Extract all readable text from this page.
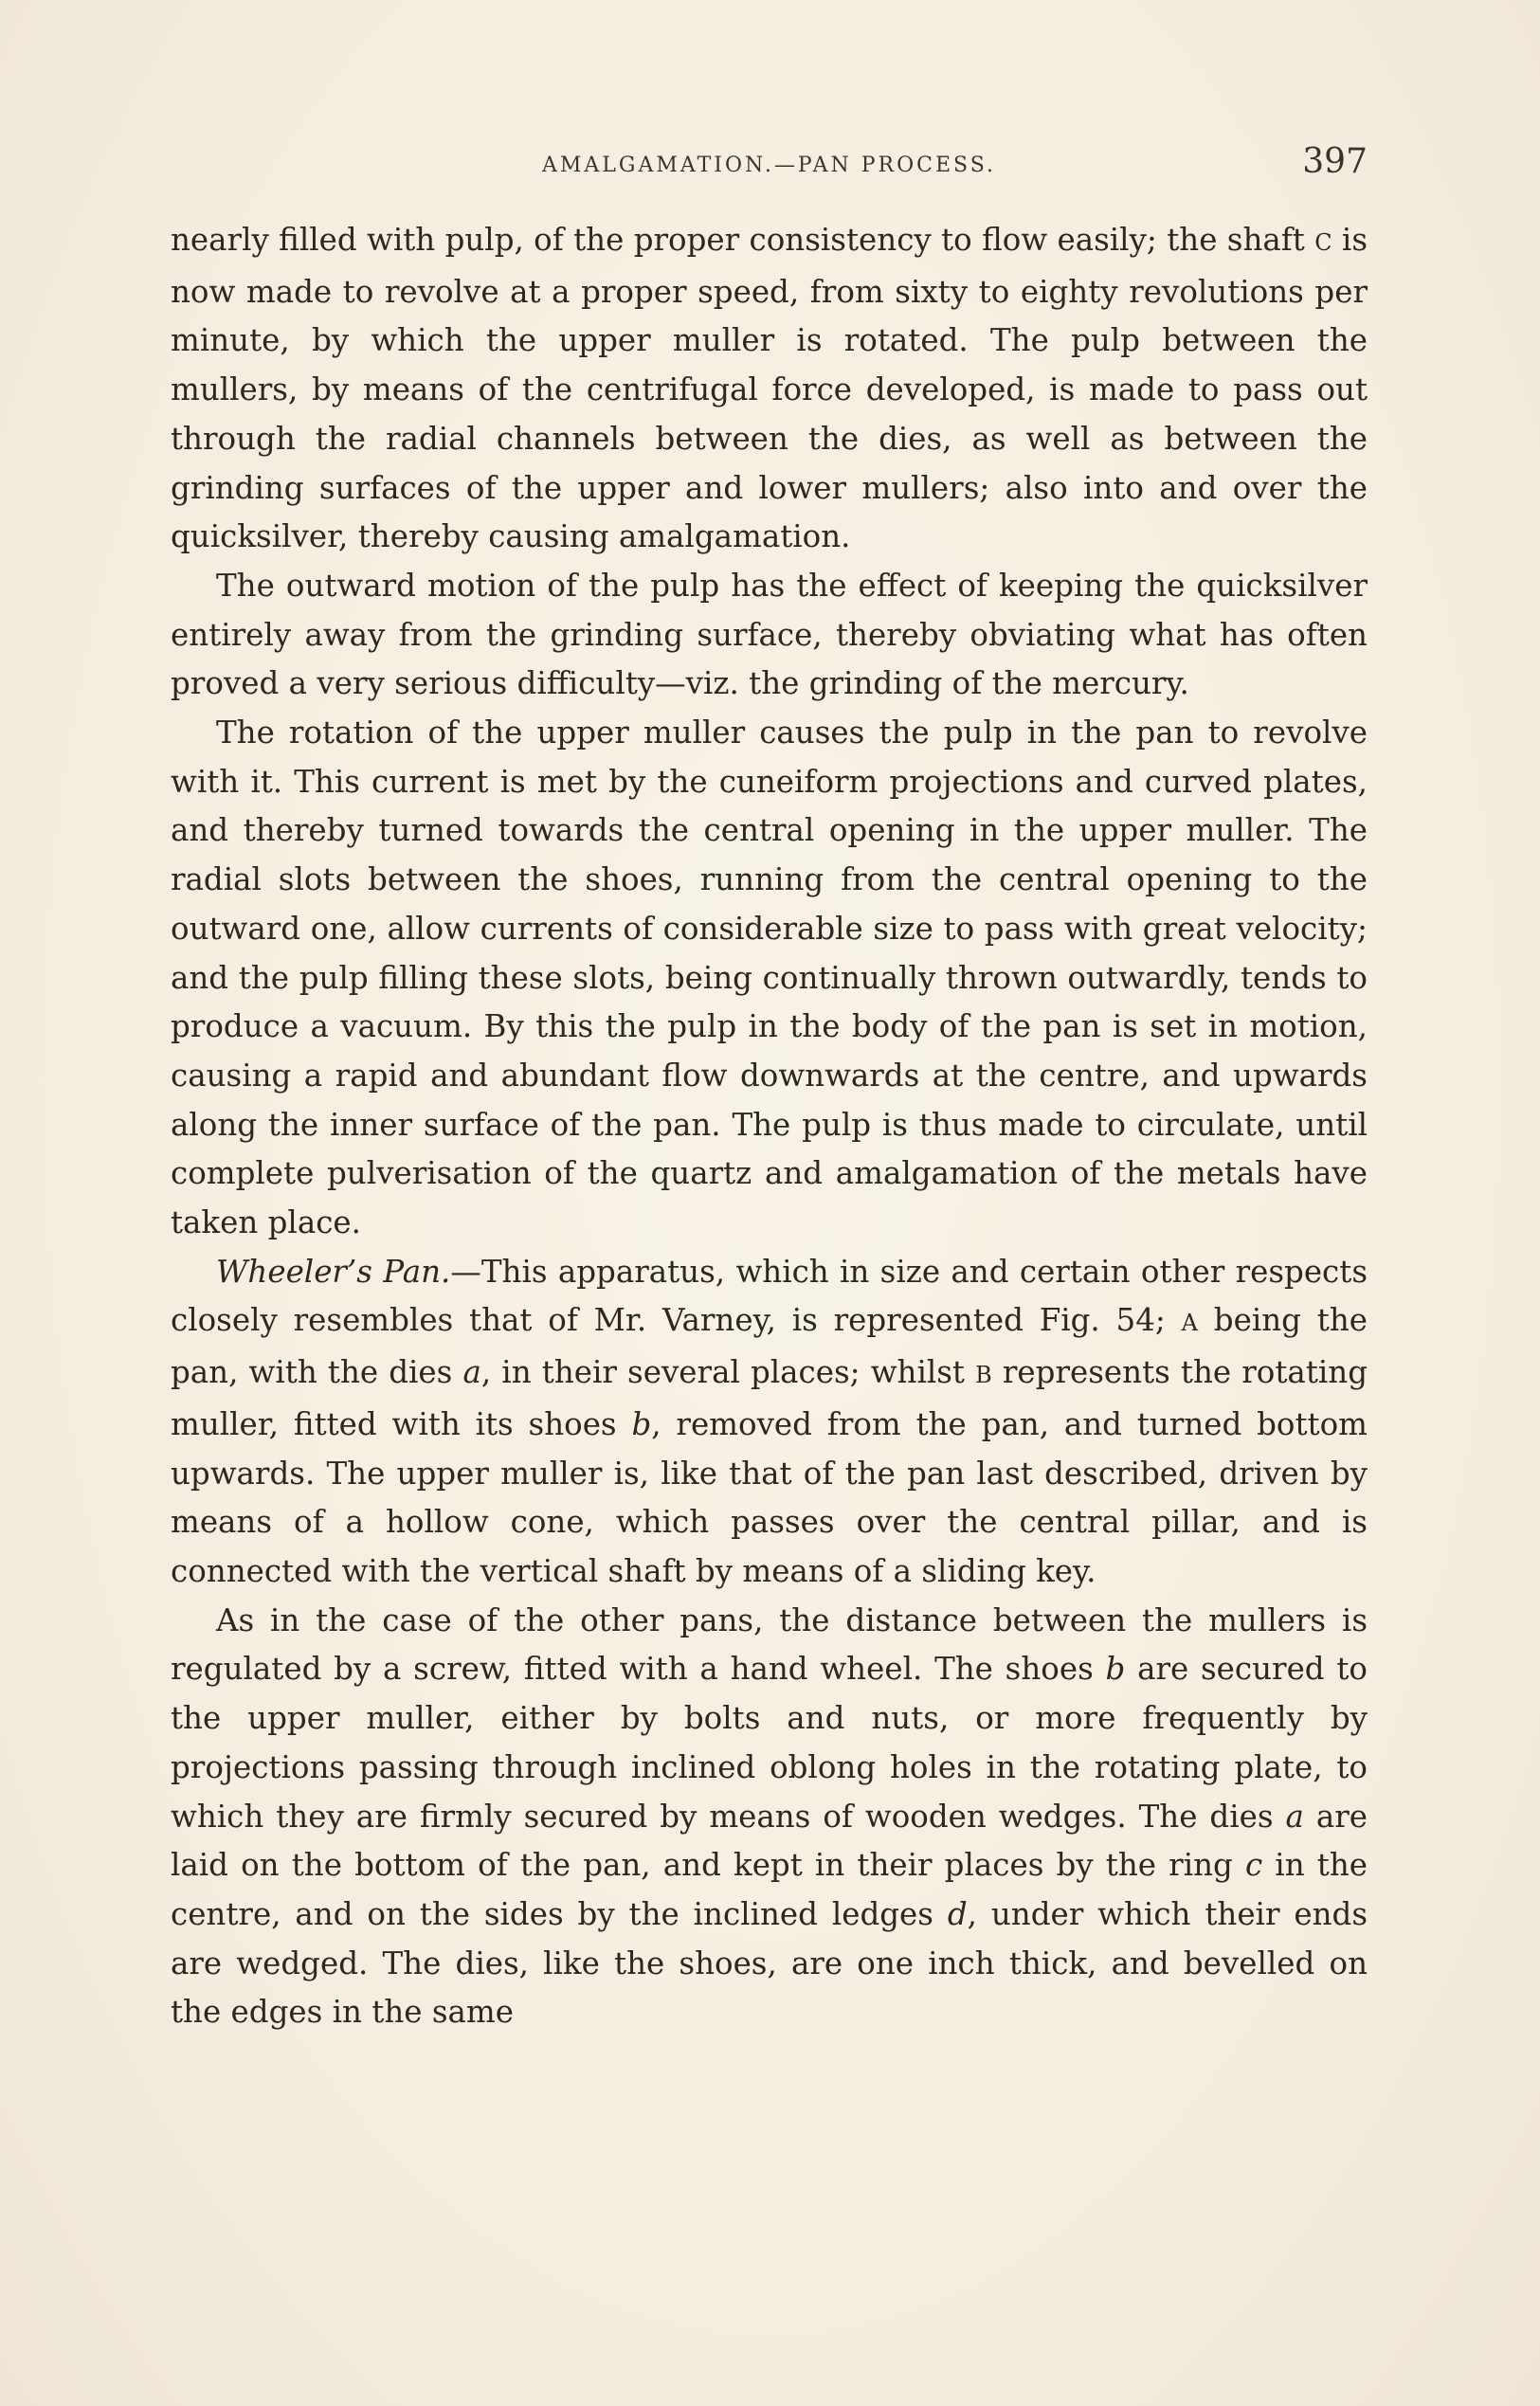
AMALGAMATION.—PAN PROCESS.	397

nearly filled with pulp, of the proper consistency to flow easily; the shaft C is now made to revolve at a proper speed, from sixty to eighty revolutions per minute, by which the upper muller is rotated. The pulp between the mullers, by means of the centrifugal force developed, is made to pass out through the radial channels between the dies, as well as between the grinding surfaces of the upper and lower mullers; also into and over the quicksilver, thereby causing amalgamation.

The outward motion of the pulp has the effect of keeping the quicksilver entirely away from the grinding surface, thereby obviating what has often proved a very serious difficulty—viz. the grinding of the mercury.

The rotation of the upper muller causes the pulp in the pan to revolve with it. This current is met by the cuneiform projections and curved plates, and thereby turned towards the central opening in the upper muller. The radial slots between the shoes, running from the central opening to the outward one, allow currents of considerable size to pass with great velocity; and the pulp filling these slots, being continually thrown outwardly, tends to produce a vacuum. By this the pulp in the body of the pan is set in motion, causing a rapid and abundant flow downwards at the centre, and upwards along the inner surface of the pan. The pulp is thus made to circulate, until complete pulverisation of the quartz and amalgamation of the metals have taken place.

Wheeler’s Pan.—This apparatus, which in size and certain other respects closely resembles that of Mr. Varney, is represented Fig. 54; A being the pan, with the dies a, in their several places; whilst B represents the rotating muller, fitted with its shoes b, removed from the pan, and turned bottom upwards. The upper muller is, like that of the pan last described, driven by means of a hollow cone, which passes over the central pillar, and is connected with the vertical shaft by means of a sliding key.

As in the case of the other pans, the distance between the mullers is regulated by a screw, fitted with a hand wheel. The shoes b are secured to the upper muller, either by bolts and nuts, or more frequently by projections passing through inclined oblong holes in the rotating plate, to which they are firmly secured by means of wooden wedges. The dies a are laid on the bottom of the pan, and kept in their places by the ring c in the centre, and on the sides by the inclined ledges d, under which their ends are wedged. The dies, like the shoes, are one inch thick, and bevelled on the edges in the same
